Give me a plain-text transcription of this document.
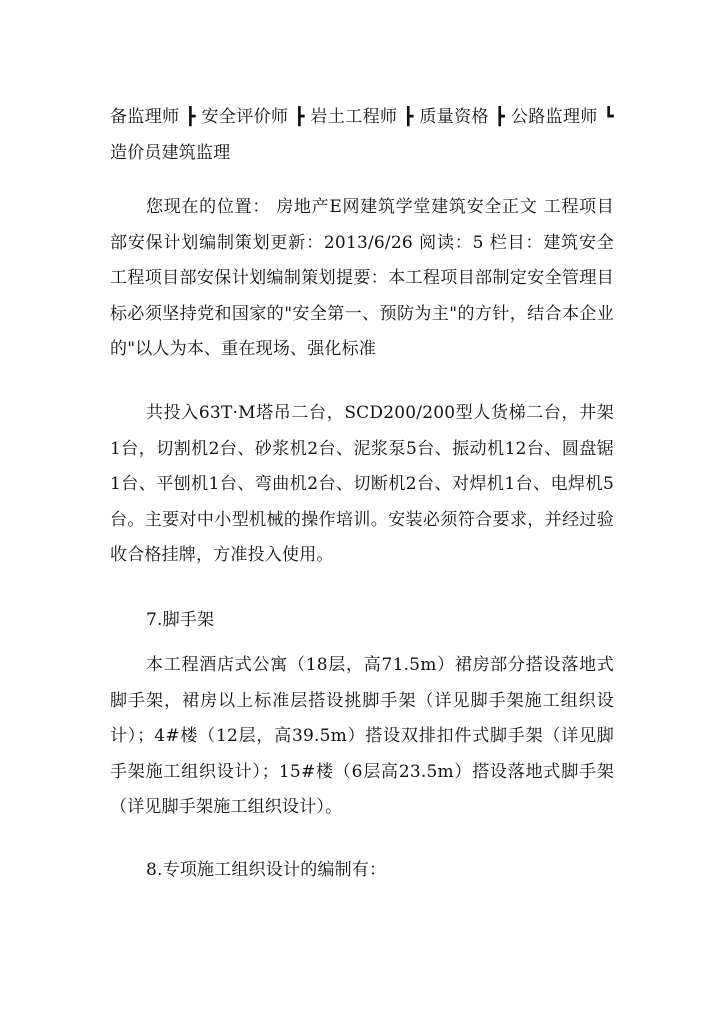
备监理师 ┣ 安全评价师 ┣ 岩土工程师 ┣ 质量资格 ┣ 公路监理师 ┗ 造价员建筑监理

您现在的位置： 房地产E网建筑学堂建筑安全正文 工程项目部安保计划编制策划更新：2013/6/26 阅读：5 栏目：建筑安全工程项目部安保计划编制策划提要：本工程项目部制定安全管理目标必须坚持党和国家的"安全第一、预防为主"的方针，结合本企业的"以人为本、重在现场、强化标准

共投入63T·M塔吊二台，SCD200/200型人货梯二台，井架1台，切割机2台、砂浆机2台、泥浆泵5台、振动机12台、圆盘锯1台、平刨机1台、弯曲机2台、切断机2台、对焊机1台、电焊机5台。主要对中小型机械的操作培训。安装必须符合要求，并经过验收合格挂牌，方准投入使用。

7.脚手架

本工程酒店式公寓（18层，高71.5m）裙房部分搭设落地式脚手架，裙房以上标准层搭设挑脚手架（详见脚手架施工组织设计）；4#楼（12层，高39.5m）搭设双排扣件式脚手架（详见脚手架施工组织设计）；15#楼（6层高23.5m）搭设落地式脚手架（详见脚手架施工组织设计）。

8.专项施工组织设计的编制有：
